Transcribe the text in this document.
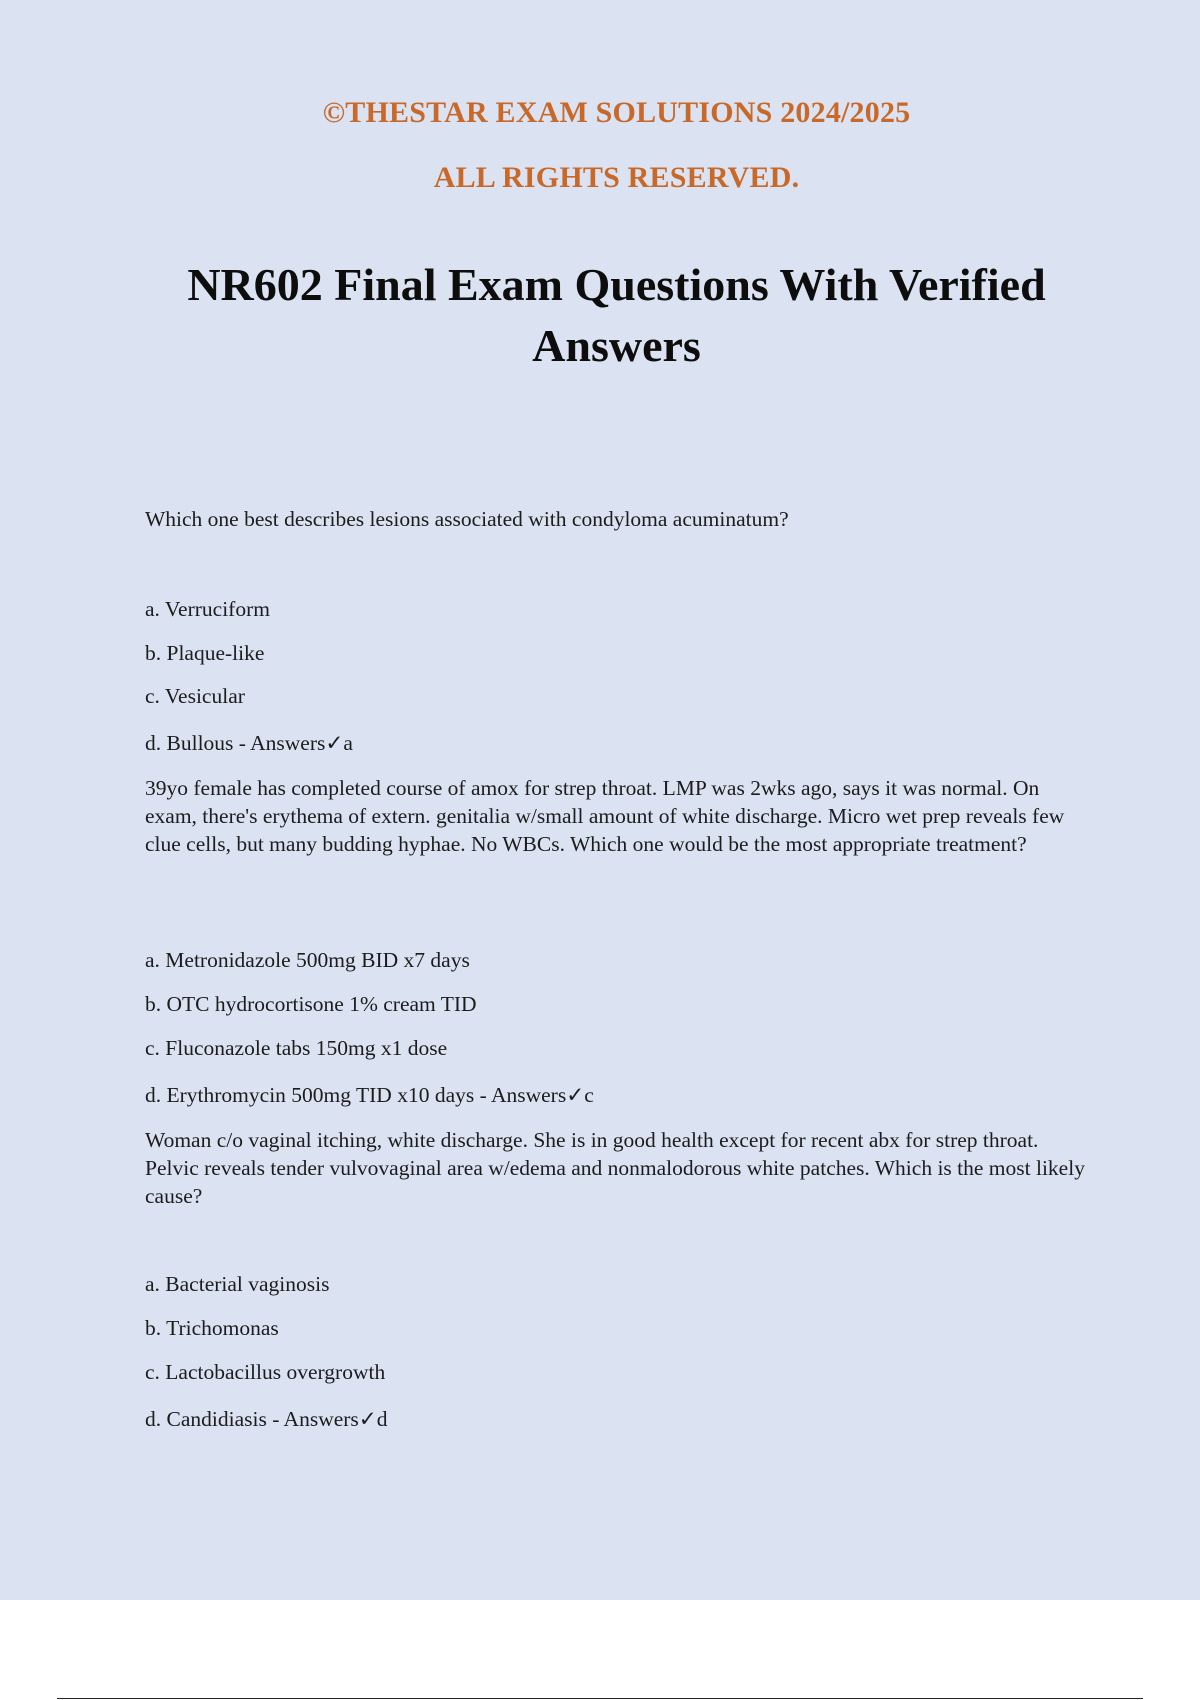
©THESTAR EXAM SOLUTIONS 2024/2025
ALL RIGHTS RESERVED.
NR602 Final Exam Questions With Verified Answers
Which one best describes lesions associated with condyloma acuminatum?
a. Verruciform
b. Plaque-like
c. Vesicular
d. Bullous - Answers✓a
39yo female has completed course of amox for strep throat. LMP was 2wks ago, says it was normal. On exam, there's erythema of extern. genitalia w/small amount of white discharge. Micro wet prep reveals few clue cells, but many budding hyphae. No WBCs. Which one would be the most appropriate treatment?
a. Metronidazole 500mg BID x7 days
b. OTC hydrocortisone 1% cream TID
c. Fluconazole tabs 150mg x1 dose
d. Erythromycin 500mg TID x10 days - Answers✓c
Woman c/o vaginal itching, white discharge. She is in good health except for recent abx for strep throat. Pelvic reveals tender vulvovaginal area w/edema and nonmalodorous white patches. Which is the most likely cause?
a. Bacterial vaginosis
b. Trichomonas
c. Lactobacillus overgrowth
d. Candidiasis - Answers✓d
